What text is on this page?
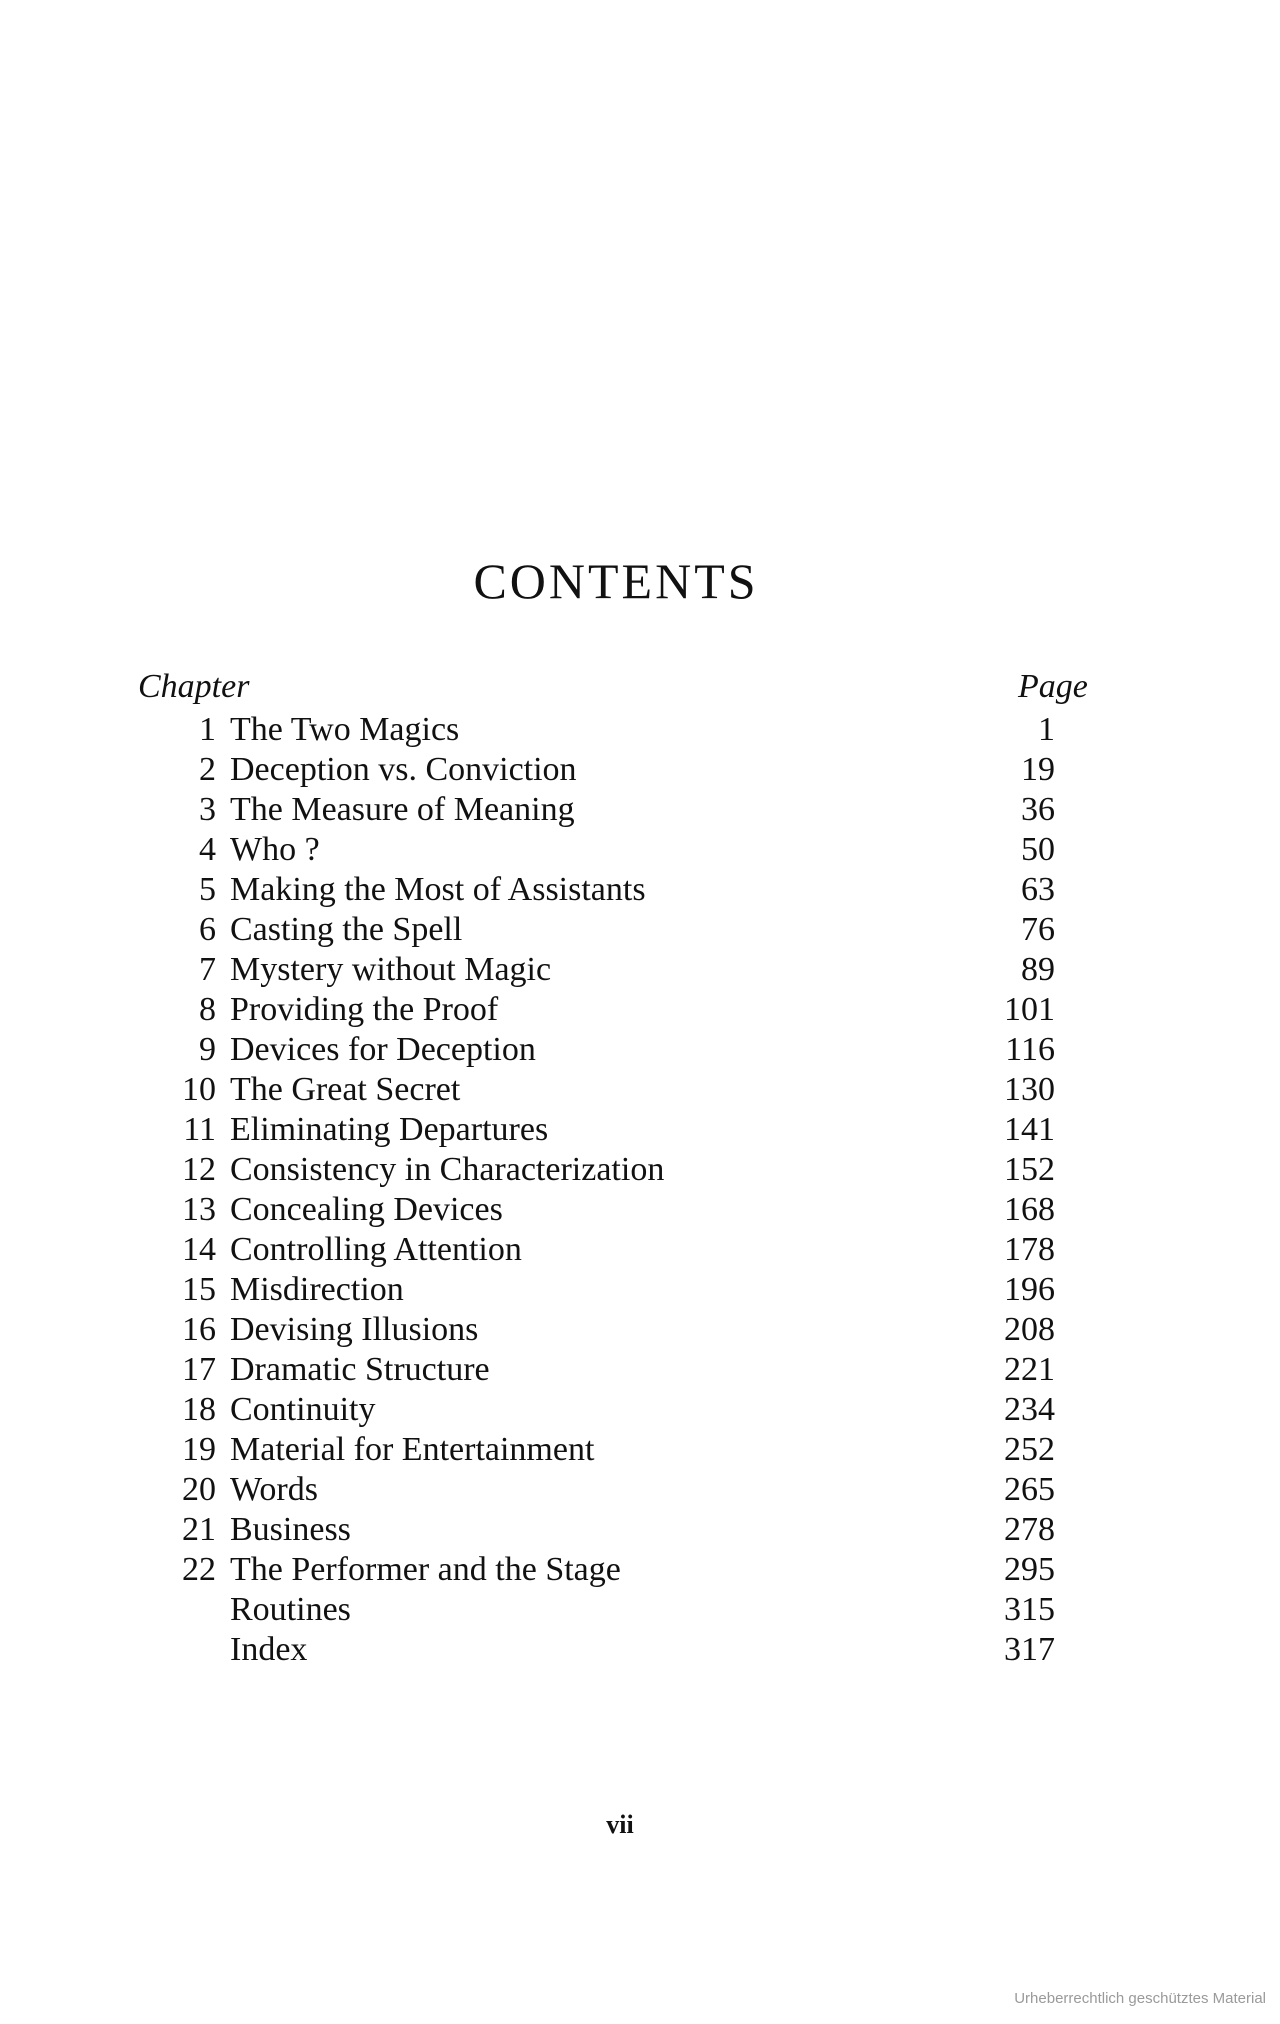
CONTENTS
Chapter	Page
1 The Two Magics	1
2 Deception vs. Conviction	19
3 The Measure of Meaning	36
4 Who ?	50
5 Making the Most of Assistants	63
6 Casting the Spell	76
7 Mystery without Magic	89
8 Providing the Proof	101
9 Devices for Deception	116
10 The Great Secret	130
11 Eliminating Departures	141
12 Consistency in Characterization	152
13 Concealing Devices	168
14 Controlling Attention	178
15 Misdirection	196
16 Devising Illusions	208
17 Dramatic Structure	221
18 Continuity	234
19 Material for Entertainment	252
20 Words	265
21 Business	278
22 The Performer and the Stage	295
Routines	315
Index	317
vii
Urheberrechtlich geschütztes Material
